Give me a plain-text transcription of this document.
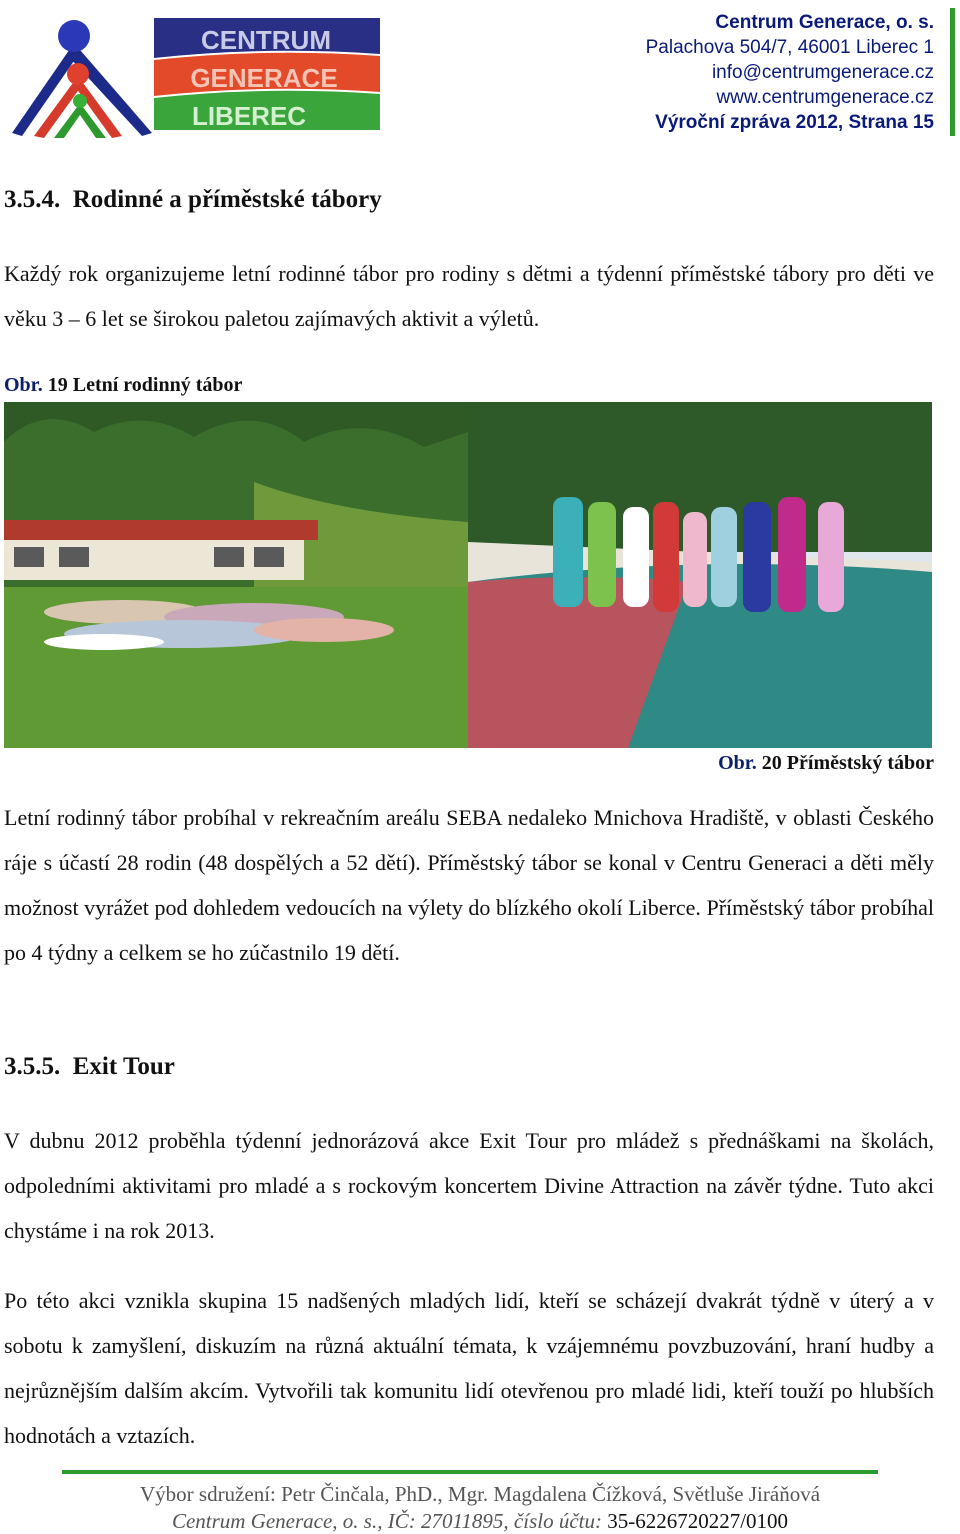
CENTRUM
GENERACE
LIBEREC
Centrum Generace, o. s.
Palachova 504/7, 46001 Liberec 1
info@centrumgenerace.cz
www.centrumgenerace.cz
Výroční zpráva 2012, Strana 15
3.5.4. Rodinné a příměstské tábory

Každý rok organizujeme letní rodinné tábor pro rodiny s dětmi a týdenní příměstské tábory pro děti ve věku 3 – 6 let se širokou paletou zajímavých aktivit a výletů.

Obr. 19 Letní rodinný tábor
Obr. 20 Příměstský tábor

Letní rodinný tábor probíhal v rekreačním areálu SEBA nedaleko Mnichova Hradiště, v oblasti Českého ráje s účastí 28 rodin (48 dospělých a 52 dětí). Příměstský tábor se konal v Centru Generaci a děti měly možnost vyrážet pod dohledem vedoucích na výlety do blízkého okolí Liberce. Příměstský tábor probíhal po 4 týdny a celkem se ho zúčastnilo 19 dětí.

3.5.5. Exit Tour

V dubnu 2012 proběhla týdenní jednorázová akce Exit Tour pro mládež s přednáškami na školách, odpoledními aktivitami pro mladé a s rockovým koncertem Divine Attraction na závěr týdne. Tuto akci chystáme i na rok 2013.

Po této akci vznikla skupina 15 nadšených mladých lidí, kteří se scházejí dvakrát týdně v úterý a v sobotu k zamyšlení, diskuzím na různá aktuální témata, k vzájemnému povzbuzování, hraní hudby a nejrůznějším dalším akcím. Vytvořili tak komunitu lidí otevřenou pro mladé lidi, kteří touží po hlubších hodnotách a vztazích.

Výbor sdružení: Petr Činčala, PhD., Mgr. Magdalena Čížková, Světluše Jiráňová
Centrum Generace, o. s., IČ: 27011895, číslo účtu: 35-6226720227/0100
